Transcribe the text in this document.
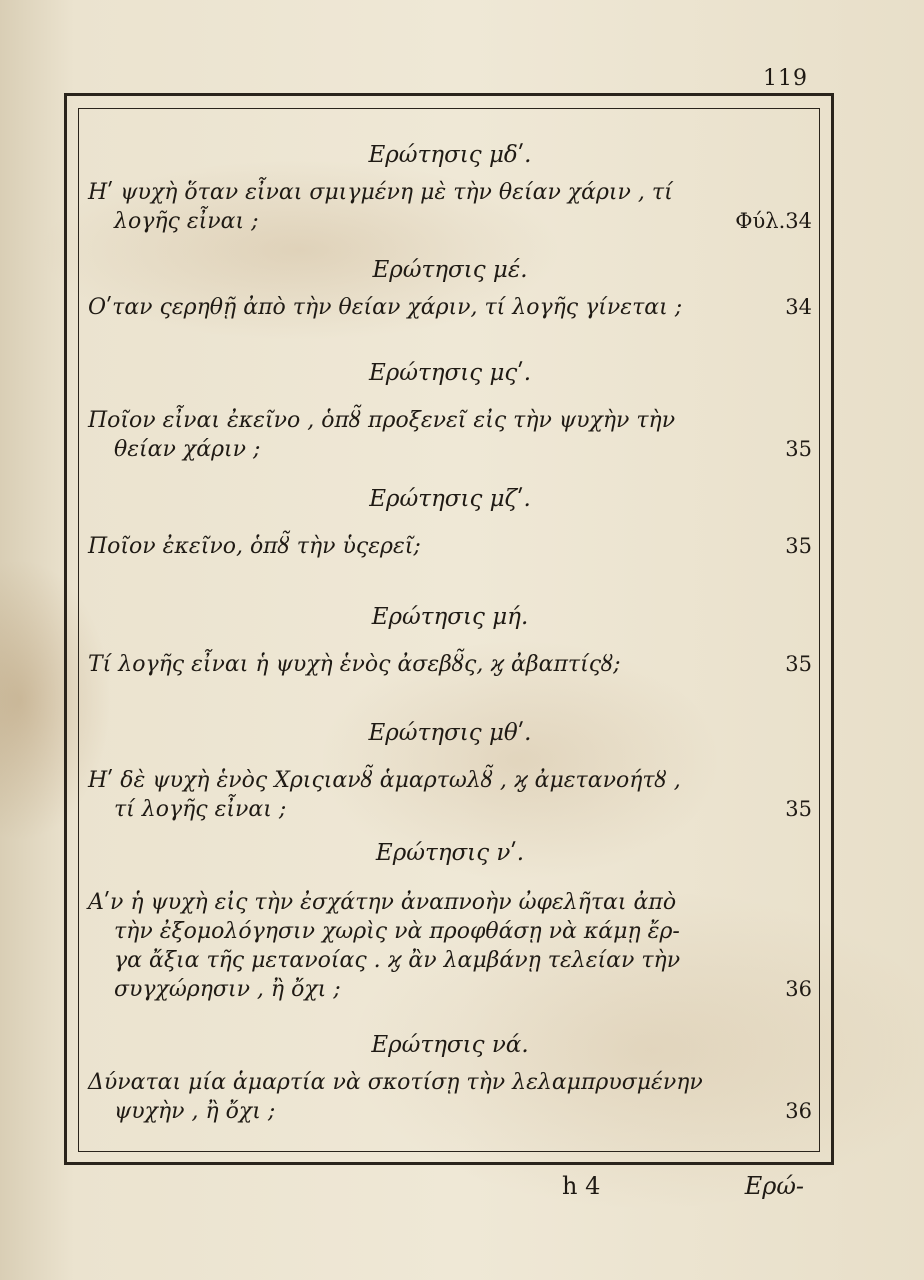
119
Ερώτησις μδʹ.
Ηʹ ψυχὴ ὅταν εἶναι σμιγμένη μὲ τὴν θείαν χάριν , τί
λογῆς εἶναι ;	Φύλ.34
Ερώτησις μέ.
Οʹταν ςερηθῇ ἀπὸ τὴν θείαν χάριν, τί λογῆς γίνεται ;	34
Ερώτησις μςʹ.
Ποῖον εἶναι ἐκεῖνο , ὁπȣ̃ προξενεῖ εἰς τὴν ψυχὴν τὴν
θείαν χάριν ;	35
Ερώτησις μζʹ.
Ποῖον ἐκεῖνο, ὁπȣ̃ τὴν ὑςερεῖ;	35
Ερώτησις μή.
Τί λογῆς εἶναι ἡ ψυχὴ ἑνὸς ἀσεβȣ̃ς, ϗ ἀβαπτίςȣ;	35
Ερώτησις μθʹ.
Ηʹ δὲ ψυχὴ ἑνὸς Χριςιανȣ̃ ἁμαρτωλȣ̃ , ϗ ἀμετανοήτȣ ,
τί λογῆς εἶναι ;	35
Ερώτησις νʹ.
Αʹν ἡ ψυχὴ εἰς τὴν ἐσχάτην ἀναπνοὴν ὠφελῆται ἀπὸ
τὴν ἐξομολόγησιν χωρὶς νὰ προφθάσῃ νὰ κάμῃ ἔρ-
γα ἄξια τῆς μετανοίας . ϗ ἂν λαμβάνῃ τελείαν τὴν
συγχώρησιν , ἢ ὄχι ;	36
Ερώτησις νά.
Δύναται μία ἁμαρτία νὰ σκοτίσῃ τὴν λελαμπρυσμένην
ψυχὴν , ἢ ὄχι ;	36
h 4	Ερώ-
